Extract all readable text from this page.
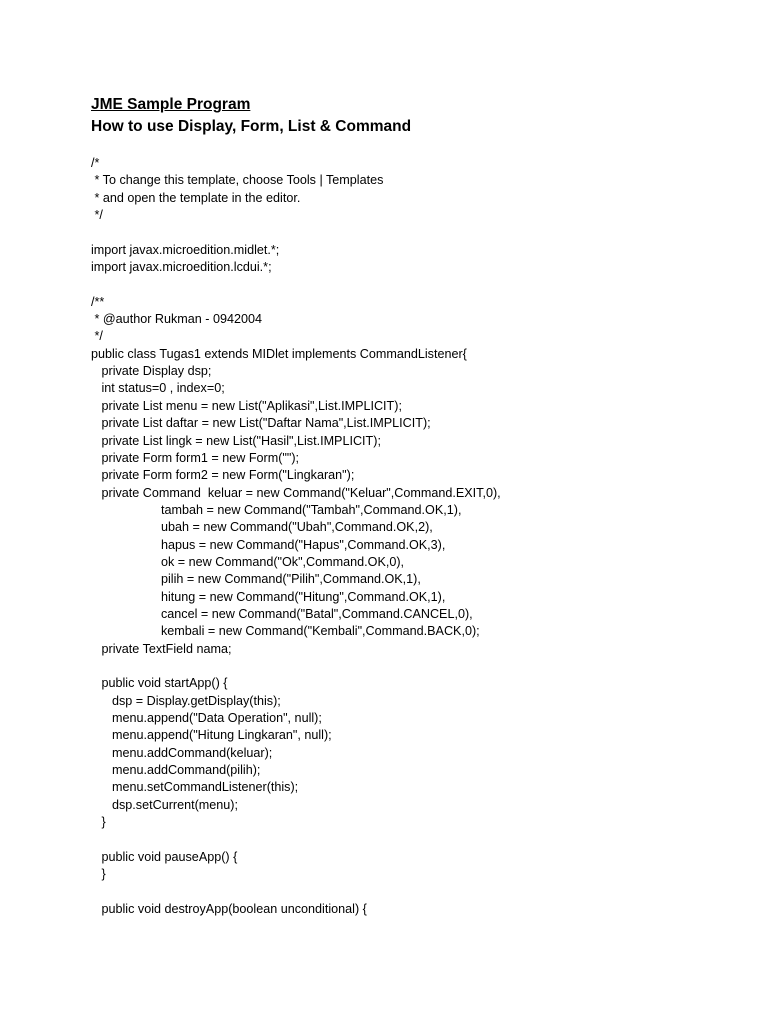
JME Sample Program
How to use Display, Form, List & Command
/*
* To change this template, choose Tools | Templates
* and open the template in the editor.
*/
import javax.microedition.midlet.*;
import javax.microedition.lcdui.*;
/**
* @author Rukman - 0942004
*/
public class Tugas1 extends MIDlet implements CommandListener{
private Display dsp;
int status=0 , index=0;
private List menu = new List("Aplikasi",List.IMPLICIT);
private List daftar = new List("Daftar Nama",List.IMPLICIT);
private List lingk = new List("Hasil",List.IMPLICIT);
private Form form1 = new Form("");
private Form form2 = new Form("Lingkaran");
private Command  keluar = new Command("Keluar",Command.EXIT,0),
tambah = new Command("Tambah",Command.OK,1),
ubah = new Command("Ubah",Command.OK,2),
hapus = new Command("Hapus",Command.OK,3),
ok = new Command("Ok",Command.OK,0),
pilih = new Command("Pilih",Command.OK,1),
hitung = new Command("Hitung",Command.OK,1),
cancel = new Command("Batal",Command.CANCEL,0),
kembali = new Command("Kembali",Command.BACK,0);
private TextField nama;
public void startApp() {
dsp = Display.getDisplay(this);
menu.append("Data Operation", null);
menu.append("Hitung Lingkaran", null);
menu.addCommand(keluar);
menu.addCommand(pilih);
menu.setCommandListener(this);
dsp.setCurrent(menu);
}
public void pauseApp() {
}
public void destroyApp(boolean unconditional) {
